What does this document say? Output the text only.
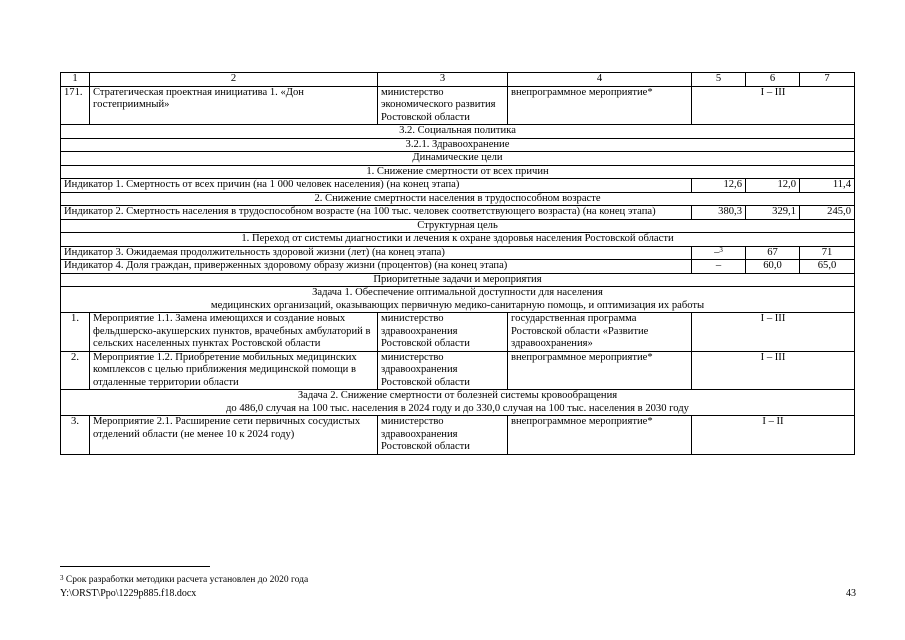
1	2	3	4	5	6	7
171.	Стратегическая проектная инициатива 1. «Дон гостеприимный»	министерство экономического развития Ростовской области	внепрограммное мероприятие*	I – III		
3.2. Социальная политика						
3.2.1. Здравоохранение						
Динамические цели						
1. Снижение смертности от всех причин						
Индикатор 1. Смертность от всех причин (на 1 000 человек населения) (на конец этапа)				12,6	12,0	11,4
2. Снижение смертности населения в трудоспособном возрасте						
Индикатор 2. Смертность населения в трудоспособном возрасте (на 100 тыс. человек соответствующего возраста) (на конец этапа)				380,3	329,1	245,0
Структурная цель						
1. Переход от системы диагностики и лечения к охране здоровья населения Ростовской области						
Индикатор 3. Ожидаемая продолжительность здоровой жизни (лет) (на конец этапа)				–$^3$	67	71
Индикатор 4. Доля граждан, приверженных здоровому образу жизни (процентов) (на конец этапа)				–	60,0	65,0
Приоритетные задачи и мероприятия						

Задача 1. Обеспечение оптимальной доступности для населения
медицинских организаций, оказывающих первичную медико-санитарную помощь, и оптимизация их работы						

1.	Мероприятие 1.1. Замена имеющихся и создание новых фельдшерско-акушерских пунктов, врачебных амбулаторий в сельских населенных пунктах Ростовской области	министерство здравоохранения Ростовской области	государственная программа Ростовской области «Развитие здравоохранения»	I – III		
2.	Мероприятие 1.2. Приобретение мобильных медицинских комплексов с целью приближения медицинской помощи в отдаленные территории области	министерство здравоохранения Ростовской области	внепрограммное мероприятие*	I – III		

Задача 2. Снижение смертности от болезней системы кровообращения
до 486,0 случая на 100 тыс. населения в 2024 году и до 330,0 случая на 100 тыс. населения в 2030 году						

3.	Мероприятие 2.1. Расширение сети первичных сосудистых отделений области (не менее 10 к 2024 году)	министерство здравоохранения Ростовской области	внепрограммное мероприятие*	I – II		
$^3$ Срок разработки методики расчета установлен до 2020 года
Y:\ORST\Ppo\1229p885.f18.docx	43
